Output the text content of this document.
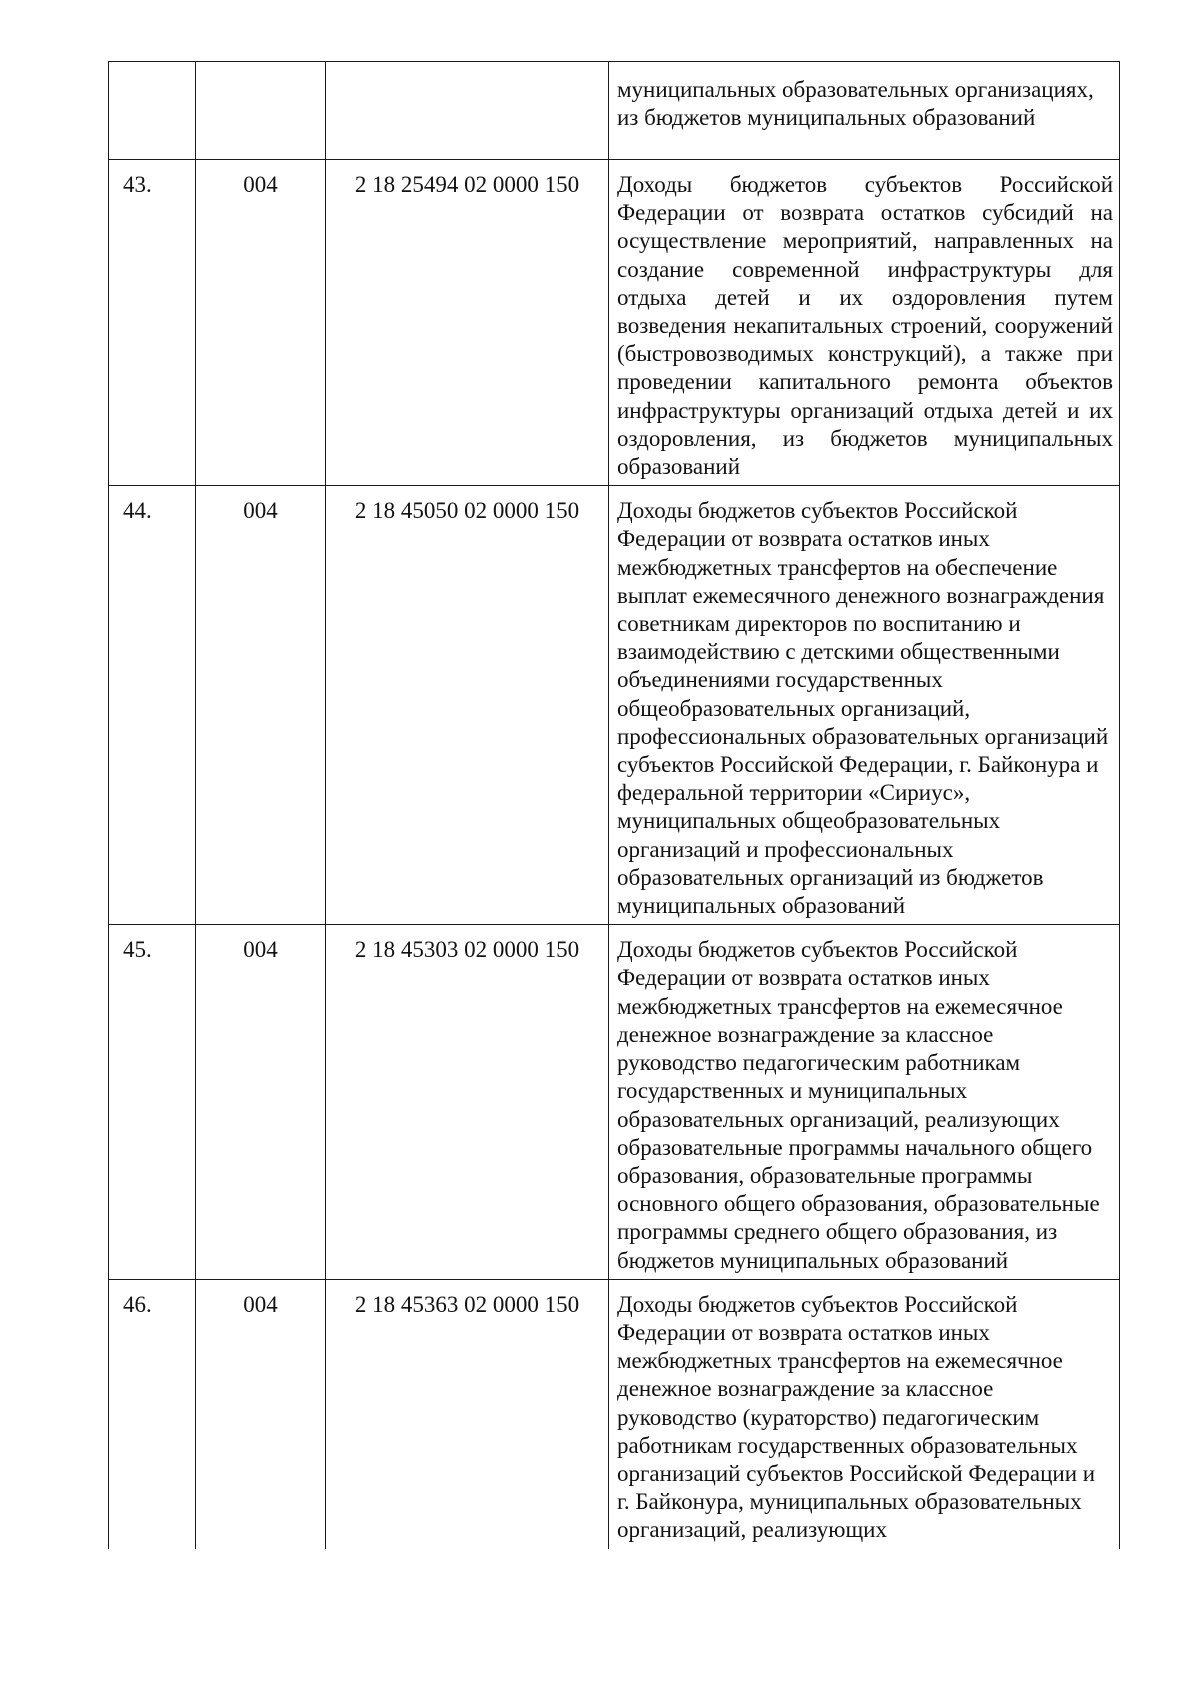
			муниципальных образовательных организациях, из бюджетов муниципальных образований
43.	004	2 18 25494 02 0000 150	Доходы бюджетов субъектов Российской Федерации от возврата остатков субсидий на осуществление мероприятий, направленных на создание современной инфраструктуры для отдыха детей и их оздоровления путем возведения некапитальных строений, сооружений (быстровозводимых конструкций), а также при проведении капитального ремонта объектов инфраструктуры организаций отдыха детей и их оздоровления, из бюджетов муниципальных образований
44.	004	2 18 45050 02 0000 150	Доходы бюджетов субъектов Российской Федерации от возврата остатков иных межбюджетных трансфертов на обеспечение выплат ежемесячного денежного вознаграждения советникам директоров по воспитанию и взаимодействию с детскими общественными объединениями государственных общеобразовательных организаций, профессиональных образовательных организаций субъектов Российской Федерации, г. Байконура и федеральной территории «Сириус», муниципальных общеобразовательных организаций и профессиональных образовательных организаций из бюджетов муниципальных образований
45.	004	2 18 45303 02 0000 150	Доходы бюджетов субъектов Российской Федерации от возврата остатков иных межбюджетных трансфертов на ежемесячное денежное вознаграждение за классное руководство педагогическим работникам государственных и муниципальных образовательных организаций, реализующих образовательные программы начального общего образования, образовательные программы основного общего образования, образовательные программы среднего общего образования, из бюджетов муниципальных образований
46.	004	2 18 45363 02 0000 150	Доходы бюджетов субъектов Российской Федерации от возврата остатков иных межбюджетных трансфертов на ежемесячное денежное вознаграждение за классное руководство (кураторство) педагогическим работникам государственных образовательных организаций субъектов Российской Федерации и г. Байконура, муниципальных образовательных организаций, реализующих
